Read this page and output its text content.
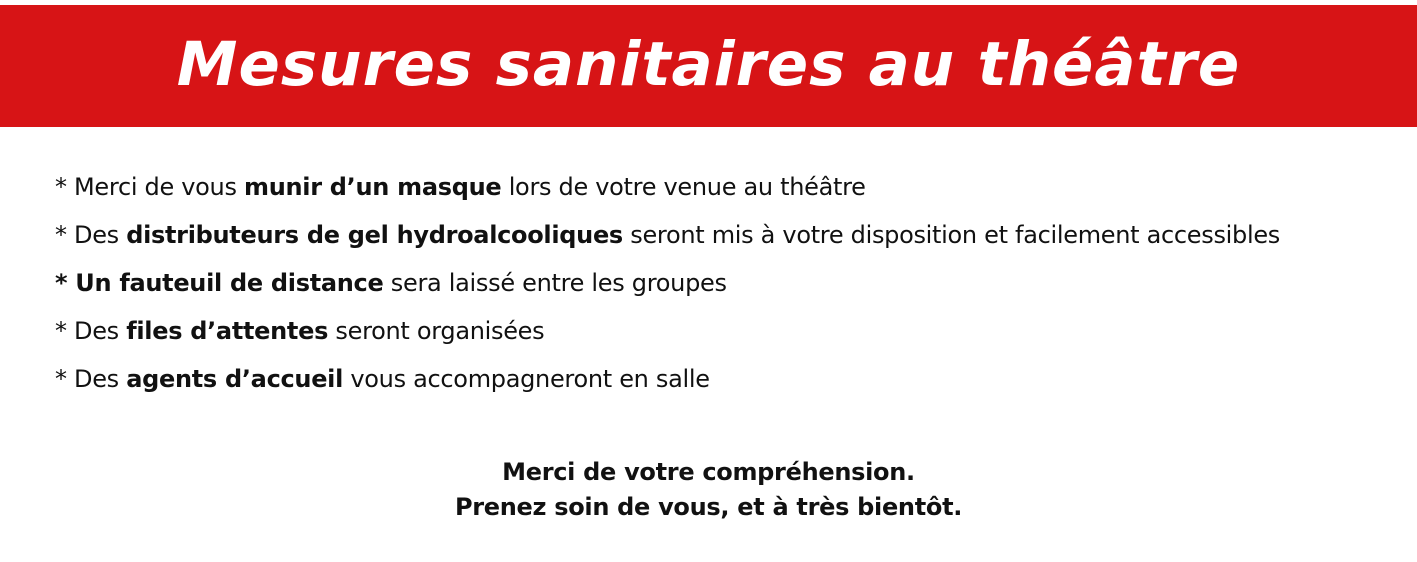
Mesures sanitaires au théâtre
* Merci de vous munir d’un masque lors de votre venue au théâtre
* Des distributeurs de gel hydroalcooliques seront mis à votre disposition et facilement accessibles
* Un fauteuil de distance sera laissé entre les groupes
* Des files d’attentes seront organisées
* Des agents d’accueil vous accompagneront en salle
Merci de votre compréhension.
Prenez soin de vous, et à très bientôt.
